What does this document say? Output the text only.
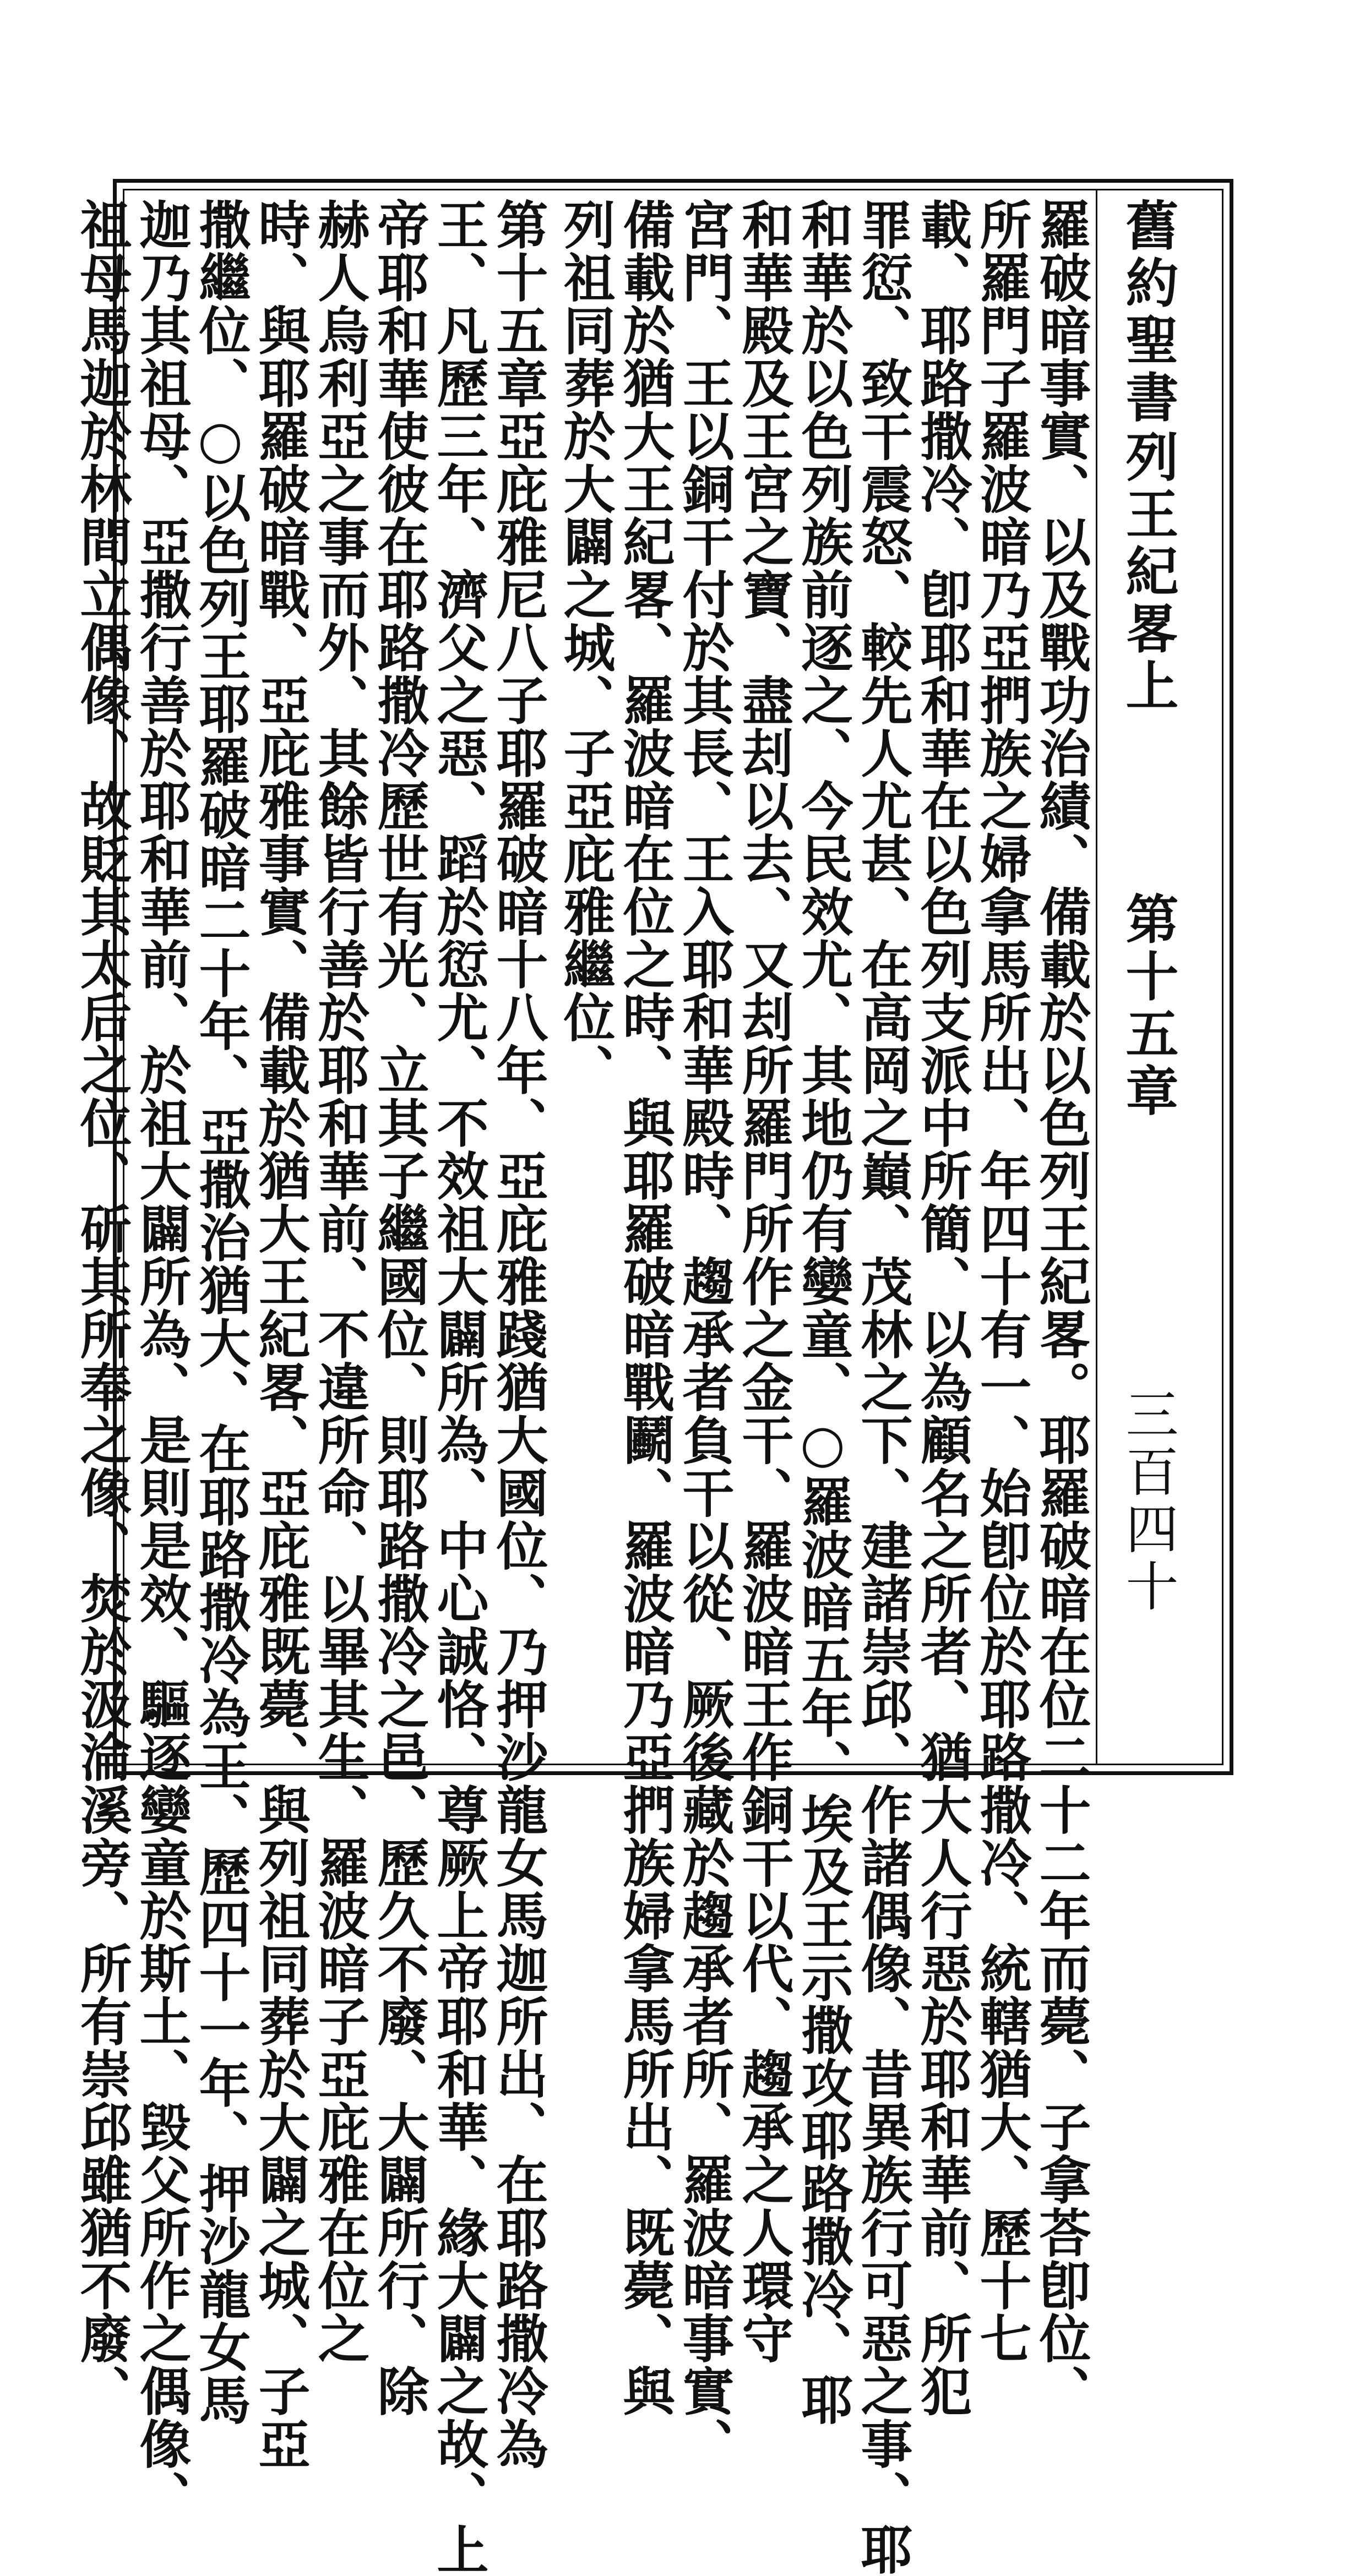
舊約聖書
列王紀畧上
第十五章
三百四十
羅破暗事實、以及戰功治績、備載於以色列王紀畧。耶羅破暗在位二十二年而薨、子拿荅卽位、
所羅門子羅波暗乃亞捫族之婦拿馬所出、年四十有一、始卽位於耶路撒冷、統轄猶大、歷十七
載、耶路撒冷、卽耶和華在以色列支派中所簡、以為顧名之所者、猶大人行惡於耶和華前、所犯
罪愆、致干震怒、較先人尤甚、在高岡之巔、茂林之下、建諸崇邱、作諸偶像、昔異族行可惡之事、耶
和華於以色列族前逐之、今民效尤、其地仍有孌童、○羅波暗五年、埃及王示撒攻耶路撒冷、耶
和華殿及王宮之寶、盡刦以去、又刦所羅門所作之金干、羅波暗王作銅干以代、趨承之人環守
宮門、王以銅干付於其長、王入耶和華殿時、趨承者負干以從、厥後藏於趨承者所、羅波暗事實、
備載於猶大王紀畧、羅波暗在位之時、與耶羅破暗戰鬬、羅波暗乃亞捫族婦拿馬所出、既薨、與
列祖同葬於大闢之城、子亞庇雅繼位、
第十五章亞庇雅尼八子耶羅破暗十八年、亞庇雅踐猶大國位、乃押沙龍女馬迦所出、在耶路撒冷為
王、凡歷三年、濟父之惡、蹈於愆尤、不效祖大闢所為、中心誠恪、尊厥上帝耶和華、緣大闢之故、上
帝耶和華使彼在耶路撒冷歷世有光、立其子繼國位、則耶路撒冷之邑、歷久不廢、大闢所行、除
赫人烏利亞之事而外、其餘皆行善於耶和華前、不違所命、以畢其生、羅波暗子亞庇雅在位之
時、與耶羅破暗戰、亞庇雅事實、備載於猶大王紀畧、亞庇雅既薨、與列祖同葬於大闢之城、子亞
撒繼位、○以色列王耶羅破暗二十年、亞撒治猶大、在耶路撒冷為王、歷四十一年、押沙龍女馬
迦乃其祖母、亞撒行善於耶和華前、於祖大闢所為、是則是效、驅逐孌童於斯土、毀父所作之偶像、
祖母馬迦於林間立偶像、故貶其太后之位、斫其所奉之像、焚於汲淪溪旁、所有崇邱雖猶不廢、
